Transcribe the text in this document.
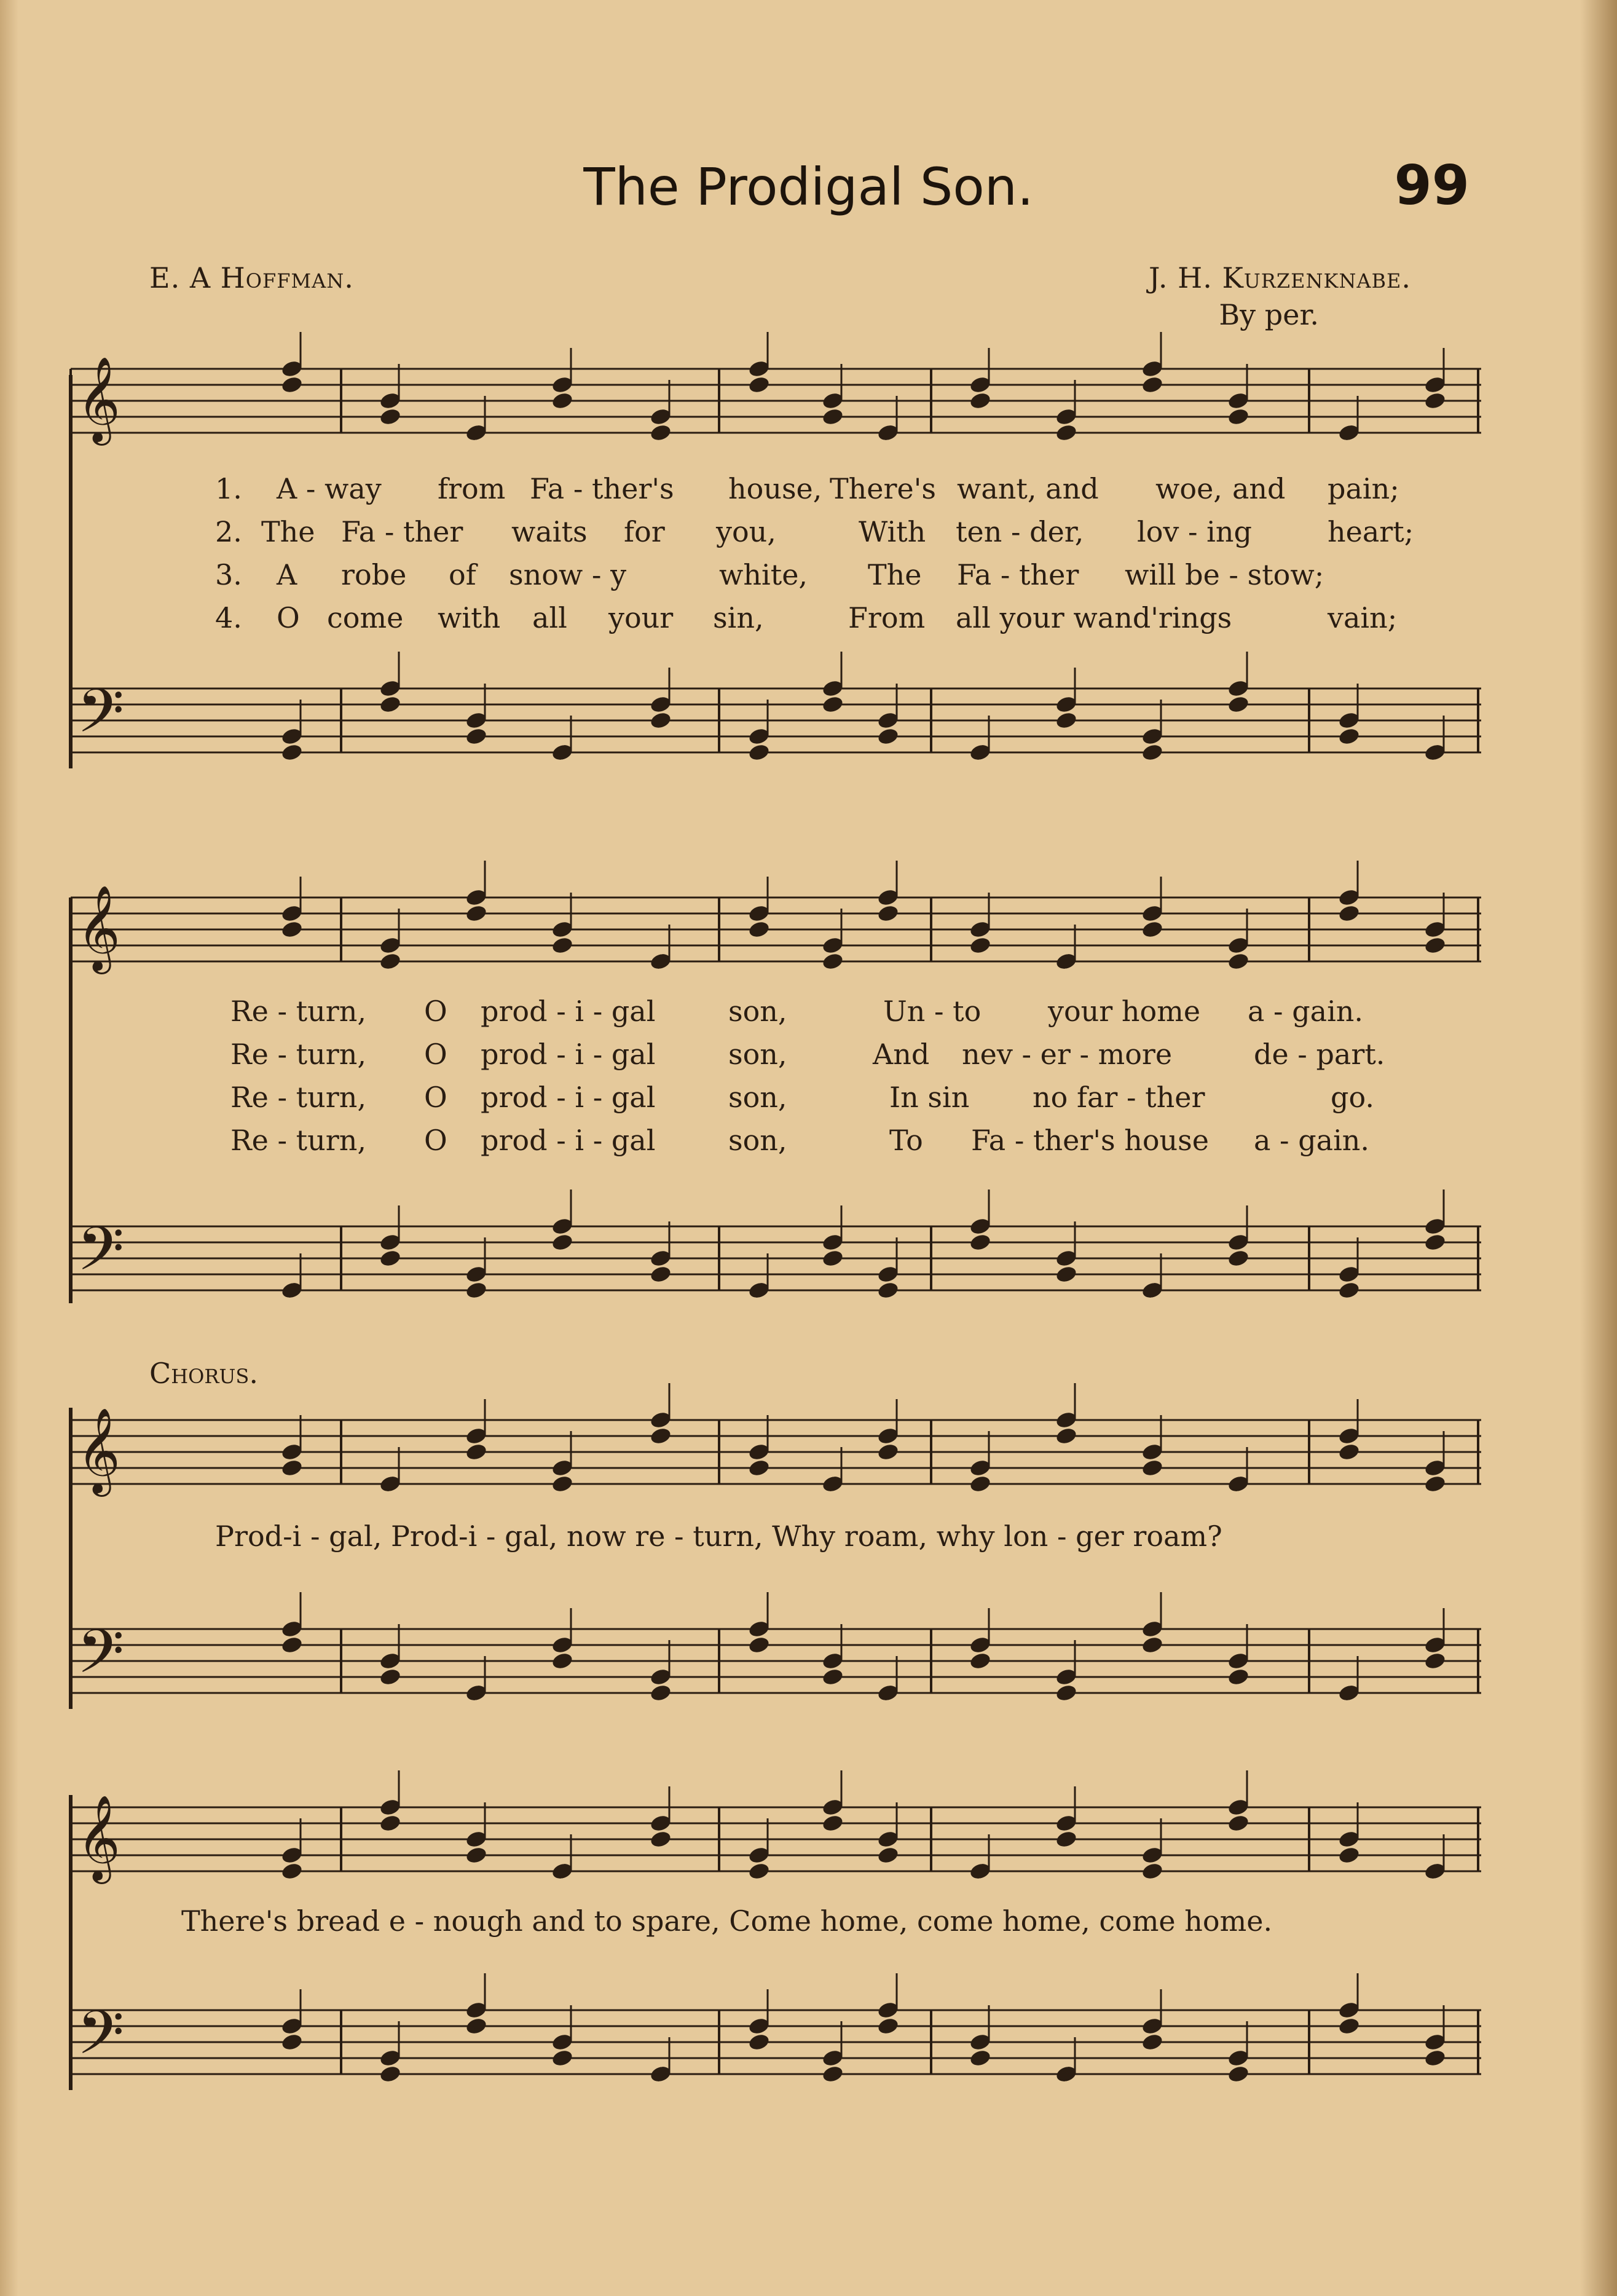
The Prodigal Son.	99
E. A Hoffman.	J. H. Kurzenknabe.
By per.
𝄞
𝄢
𝄞
𝄢
𝄞
𝄢
𝄞
𝄢
1. A - way from Fa - ther's house, There's want, and woe, and pain;
2. The Fa - ther waits for you,	With ten - der, lov - ing	heart;
3. A robe of snow - y	white, The Fa - ther will be - stow;
4. O come with all your sin,	From all your wand'rings	vain;
Re - turn, O prod - i - gal	son,	Un - to your home a - gain.
Re - turn, O prod - i - gal	son,	And nev - er - more	de - part.
Re - turn, O prod - i - gal	son,	In sin no far - ther	go.
Re - turn, O prod - i - gal	son,	To Fa - ther's house a - gain.
Chorus.
Prod-i - gal, Prod-i - gal, now re - turn, Why roam, why lon - ger roam?
There's bread e - nough and to spare, Come home, come home, come home.
